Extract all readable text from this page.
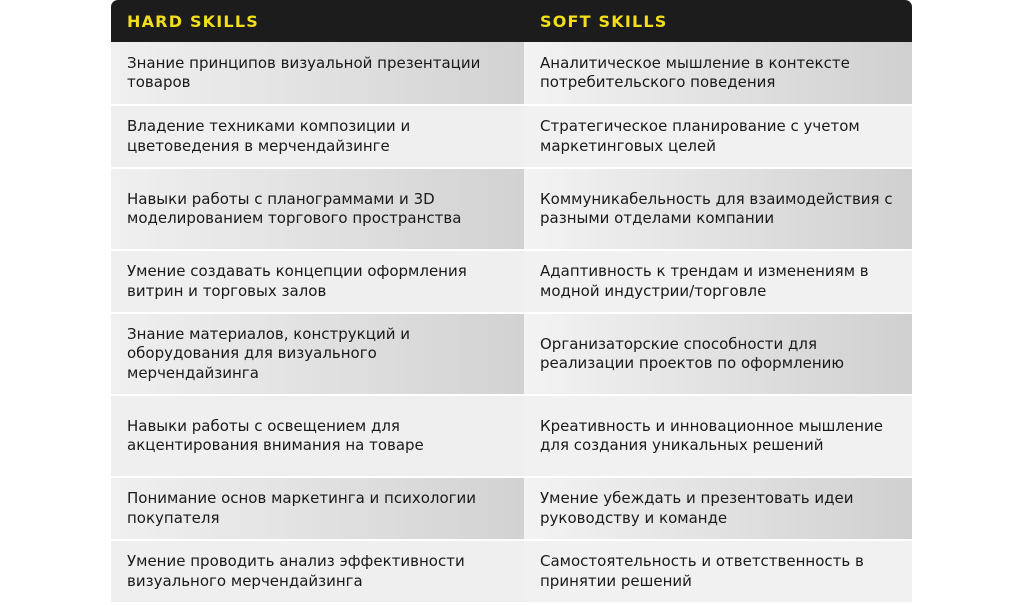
HARD SKILLS	SOFT SKILLS
Знание принципов визуальной презентации товаров	Аналитическое мышление в контексте потребительского поведения
Владение техниками композиции и цветоведения в мерчендайзинге	Стратегическое планирование с учетом маркетинговых целей
Навыки работы с планограммами и 3D моделированием торгового пространства	Коммуникабельность для взаимодействия с разными отделами компании
Умение создавать концепции оформления витрин и торговых залов	Адаптивность к трендам и изменениям в модной индустрии/торговле
Знание материалов, конструкций и оборудования для визуального мерчендайзинга	Организаторские способности для реализации проектов по оформлению
Навыки работы с освещением для акцентирования внимания на товаре	Креативность и инновационное мышление для создания уникальных решений
Понимание основ маркетинга и психологии покупателя	Умение убеждать и презентовать идеи руководству и команде
Умение проводить анализ эффективности визуального мерчендайзинга	Самостоятельность и ответственность в принятии решений
